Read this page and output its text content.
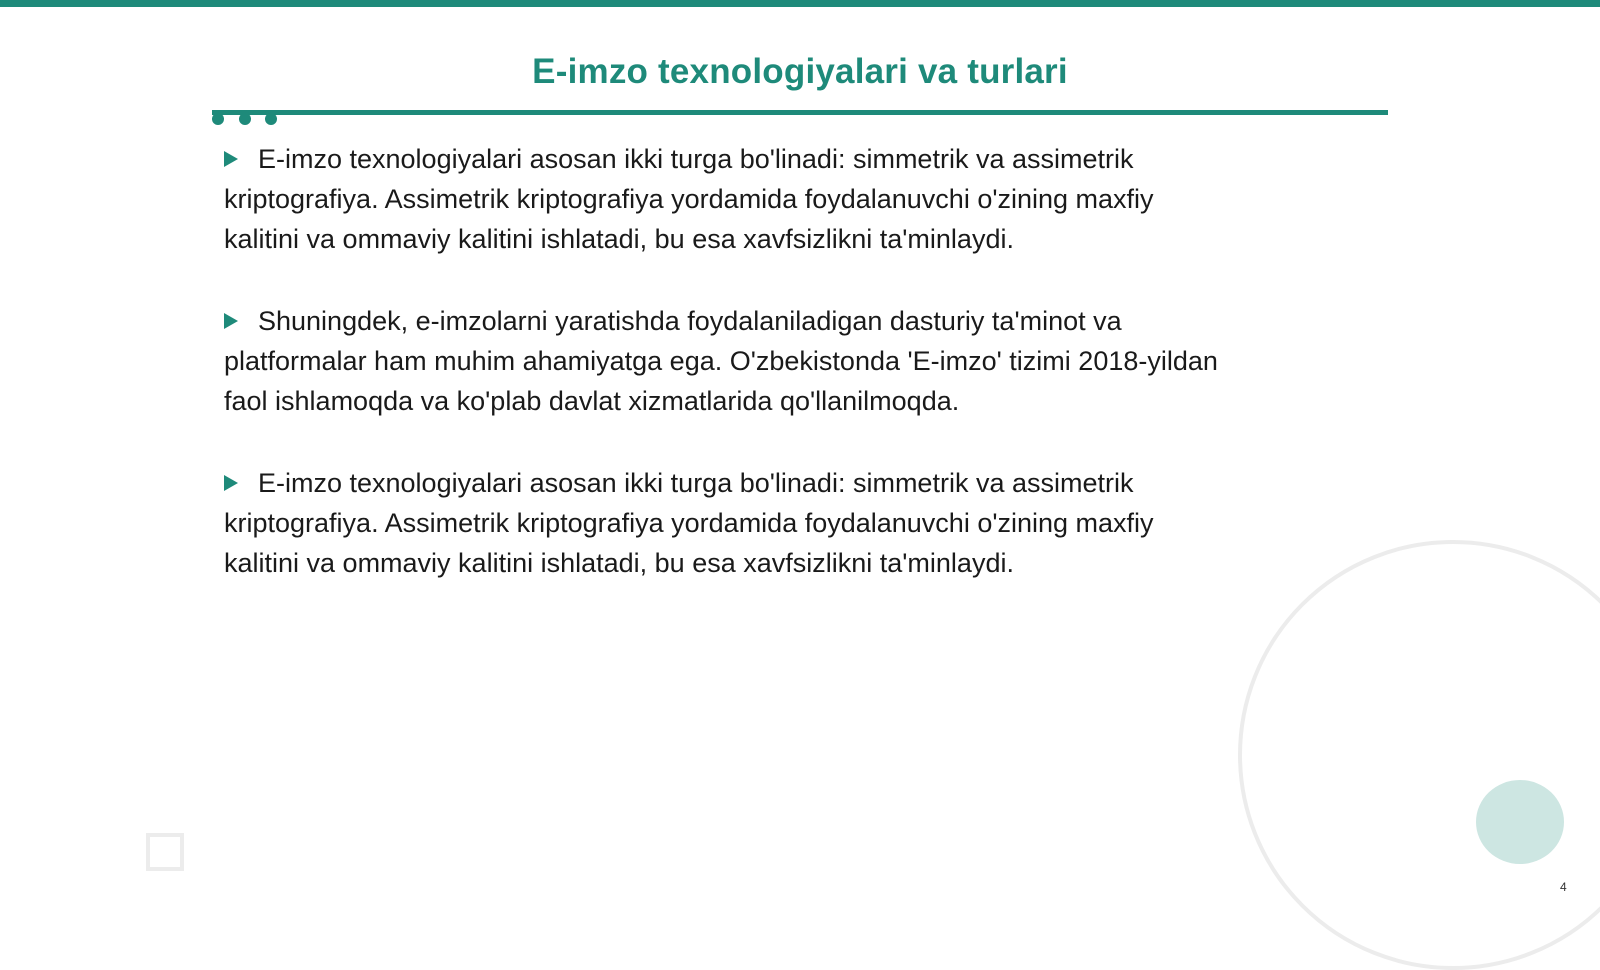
E-imzo texnologiyalari va turlari
E-imzo texnologiyalari asosan ikki turga bo'linadi: simmetrik va assimetrik
kriptografiya. Assimetrik kriptografiya yordamida foydalanuvchi o'zining maxfiy
kalitini va ommaviy kalitini ishlatadi, bu esa xavfsizlikni ta'minlaydi.
Shuningdek, e-imzolarni yaratishda foydalaniladigan dasturiy ta'minot va
platformalar ham muhim ahamiyatga ega. O'zbekistonda 'E-imzo' tizimi 2018-yildan
faol ishlamoqda va ko'plab davlat xizmatlarida qo'llanilmoqda.
E-imzo texnologiyalari asosan ikki turga bo'linadi: simmetrik va assimetrik
kriptografiya. Assimetrik kriptografiya yordamida foydalanuvchi o'zining maxfiy
kalitini va ommaviy kalitini ishlatadi, bu esa xavfsizlikni ta'minlaydi.
4
